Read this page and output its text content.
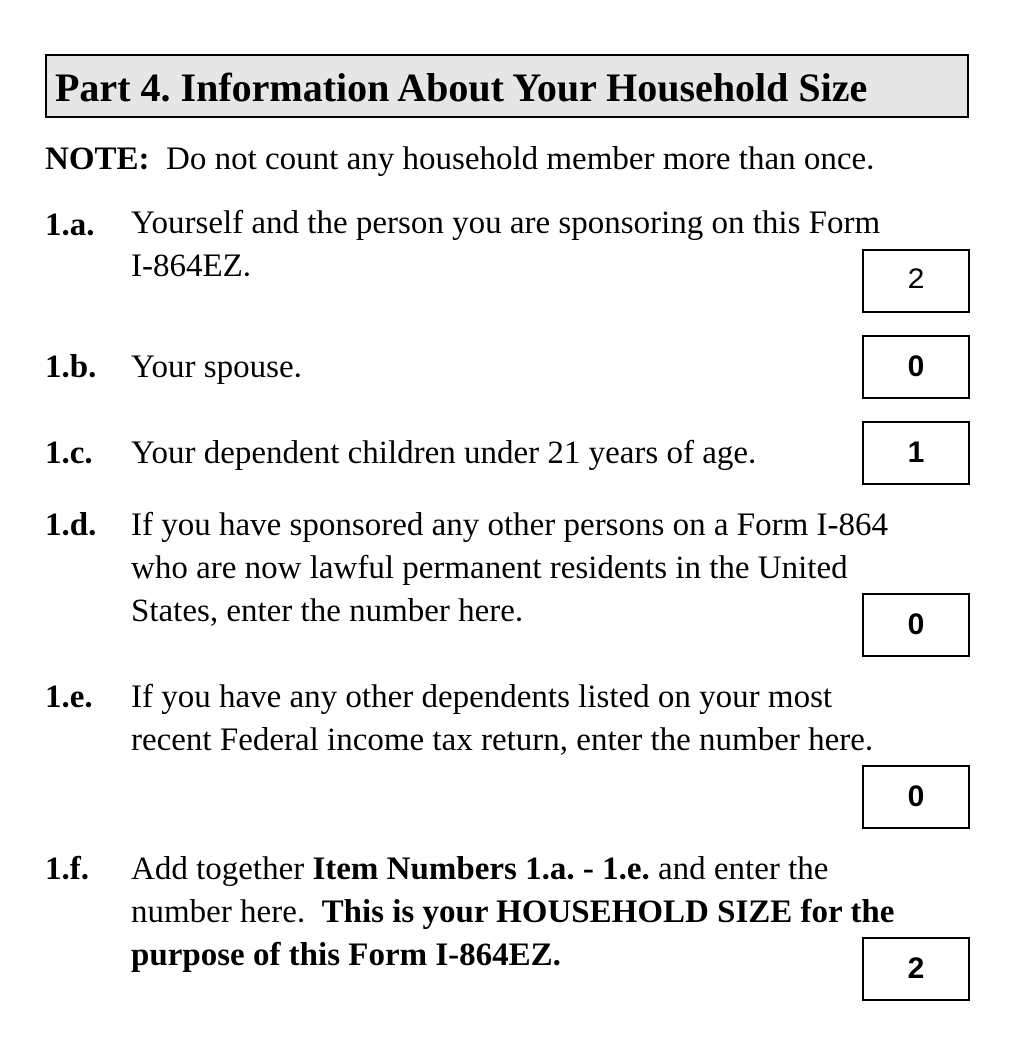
Part 4. Information About Your Household Size
NOTE:  Do not count any household member more than once.
1.a. Yourself and the person you are sponsoring on this Form
I-864EZ.	2
1.b. Your spouse.	0
1.c. Your dependent children under 21 years of age.	1
1.d. If you have sponsored any other persons on a Form I-864
who are now lawful permanent residents in the United
States, enter the number here.	0
1.e. If you have any other dependents listed on your most
recent Federal income tax return, enter the number here.
0
1.f. Add together Item Numbers 1.a. - 1.e. and enter the
number here.  This is your HOUSEHOLD SIZE for the
purpose of this Form I-864EZ.	2
